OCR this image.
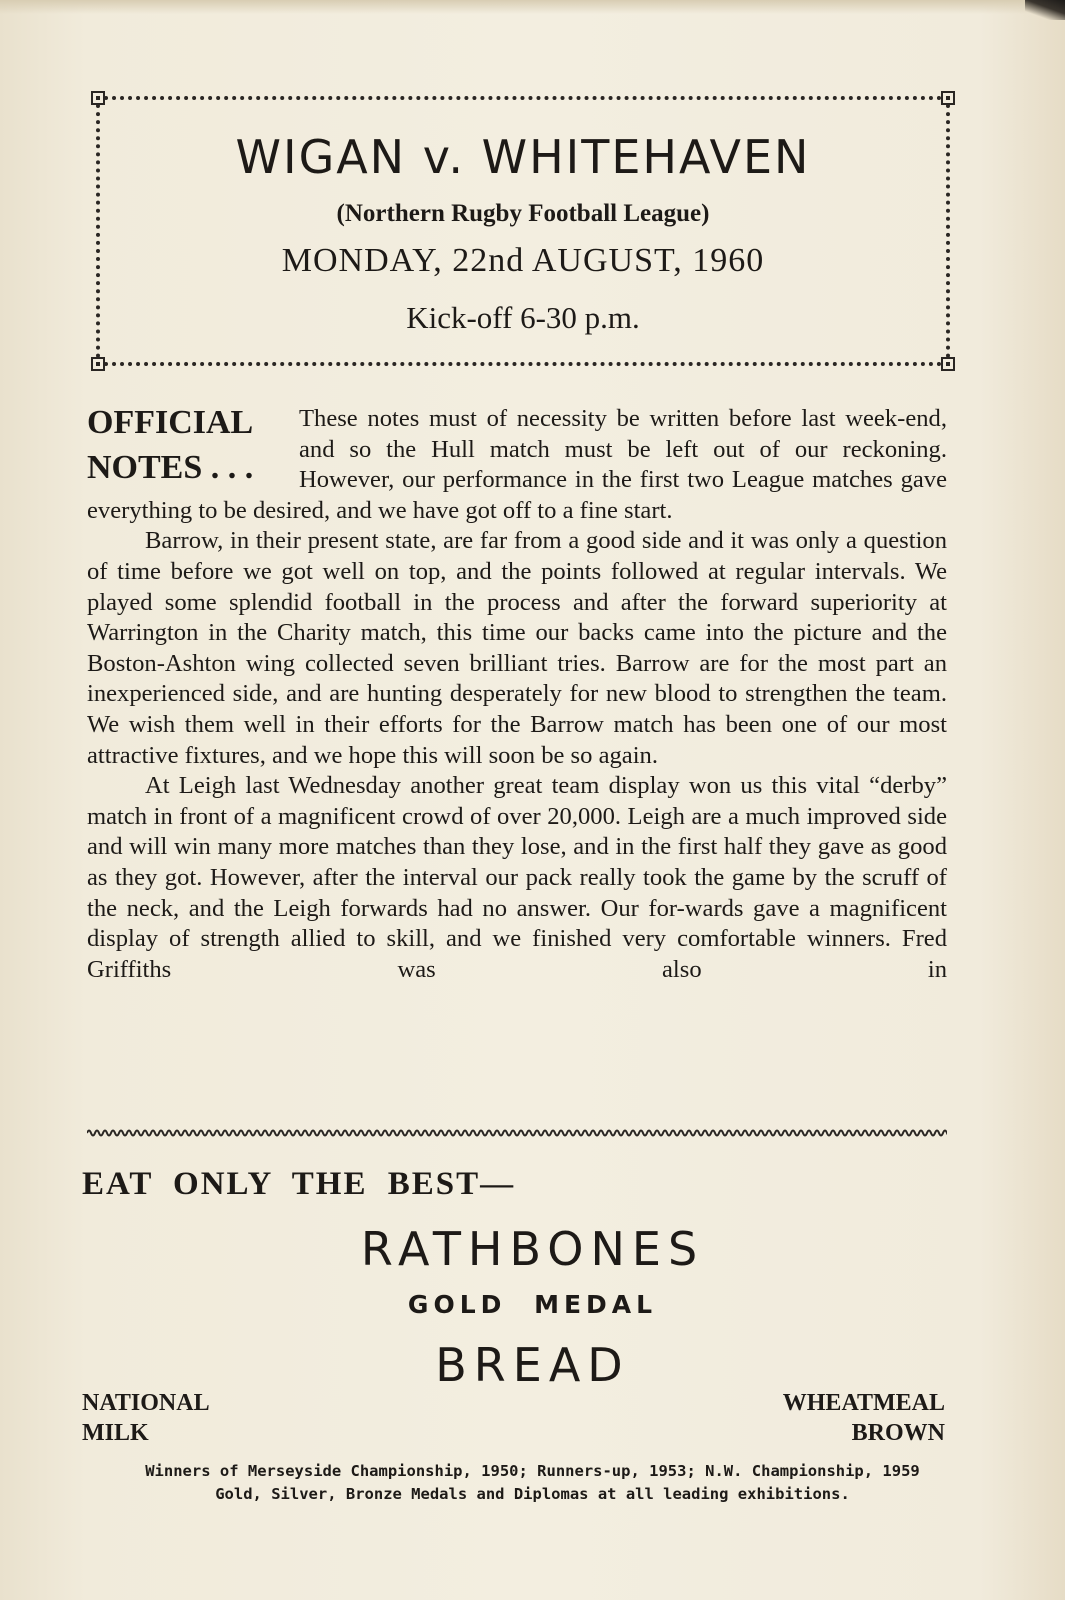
WIGAN v. WHITEHAVEN
(Northern Rugby Football League)
MONDAY, 22nd AUGUST, 1960
Kick-off 6-30 p.m.
OFFICIAL
NOTES . . .

These notes must of necessity be written before last week-end, and so the Hull match must be left out of our reckoning. However, our performance in the first two League matches gave everything to be desired, and we have got off to a fine start.

Barrow, in their present state, are far from a good side and it was only a question of time before we got well on top, and the points followed at regular intervals. We played some splendid football in the process and after the forward superiority at Warrington in the Charity match, this time our backs came into the picture and the Boston-Ashton wing collected seven brilliant tries. Barrow are for the most part an inexperienced side, and are hunting desperately for new blood to strengthen the team. We wish them well in their efforts for the Barrow match has been one of our most attractive fixtures, and we hope this will soon be so again.

At Leigh last Wednesday another great team display won us this vital “derby” match in front of a magnificent crowd of over 20,000. Leigh are a much improved side and will win many more matches than they lose, and in the first half they gave as good as they got. However, after the interval our pack really took the game by the scruff of the neck, and the Leigh forwards had no answer. Our for-wards gave a magnificent display of strength allied to skill, and we finished very comfortable winners. Fred Griffiths was also in

EAT ONLY THE BEST—
RATHBONES
GOLD MEDAL
BREAD
NATIONAL
MILK
WHEATMEAL
BROWN
Winners of Merseyside Championship, 1950; Runners-up, 1953; N.W. Championship, 1959
Gold, Silver, Bronze Medals and Diplomas at all leading exhibitions.
